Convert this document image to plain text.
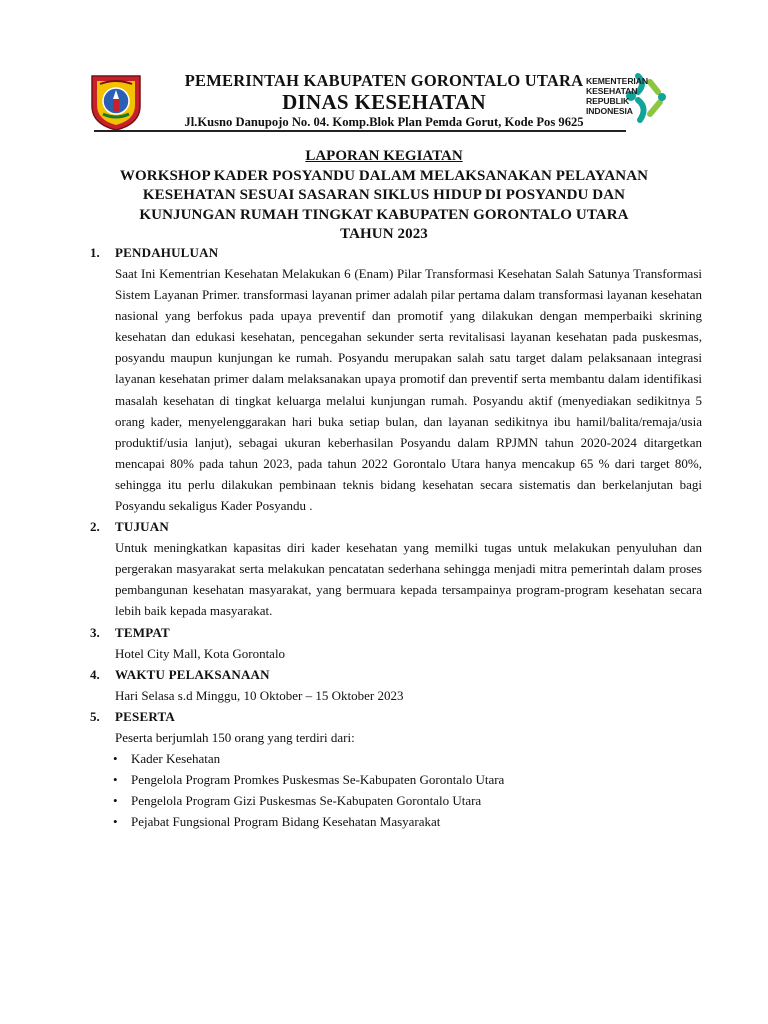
PEMERINTAH KABUPATEN GORONTALO UTARA
DINAS KESEHATAN
Jl.Kusno Danupojo No. 04. Komp.Blok Plan Pemda Gorut, Kode Pos 9625
KEMENTERIAN
KESEHATAN
REPUBLIK
INDONESIA
LAPORAN KEGIATAN
WORKSHOP KADER POSYANDU DALAM MELAKSANAKAN PELAYANAN
KESEHATAN SESUAI SASARAN SIKLUS HIDUP DI POSYANDU DAN
KUNJUNGAN RUMAH TINGKAT KABUPATEN GORONTALO UTARA
TAHUN 2023
1.	PENDAHULUAN
Saat Ini Kementrian Kesehatan Melakukan 6 (Enam) Pilar Transformasi Kesehatan Salah Satunya Transformasi Sistem Layanan Primer. transformasi layanan primer adalah pilar pertama dalam transformasi layanan kesehatan nasional yang berfokus pada upaya preventif dan promotif yang dilakukan dengan memperbaiki skrining kesehatan dan edukasi kesehatan, pencegahan sekunder serta revitalisasi layanan kesehatan pada puskesmas, posyandu maupun kunjungan ke rumah. Posyandu merupakan salah satu target dalam pelaksanaan integrasi layanan kesehatan primer dalam melaksanakan upaya promotif dan preventif serta membantu dalam identifikasi masalah kesehatan di tingkat keluarga melalui kunjungan rumah. Posyandu aktif (menyediakan sedikitnya 5 orang kader, menyelenggarakan hari buka setiap bulan, dan layanan sedikitnya ibu hamil/balita/remaja/usia produktif/usia lanjut), sebagai ukuran keberhasilan Posyandu dalam RPJMN tahun 2020-2024 ditargetkan mencapai 80% pada tahun 2023, pada tahun 2022 Gorontalo Utara hanya mencakup 65 % dari target 80%, sehingga itu perlu dilakukan pembinaan teknis bidang kesehatan secara sistematis dan berkelanjutan bagi Posyandu sekaligus Kader Posyandu .
2.	TUJUAN
Untuk meningkatkan kapasitas diri kader kesehatan yang memilki tugas untuk melakukan penyuluhan dan pergerakan masyarakat serta melakukan pencatatan sederhana sehingga menjadi mitra pemerintah dalam proses pembangunan kesehatan masyarakat, yang bermuara kepada tersampainya program-program kesehatan secara lebih baik kepada masyarakat.
3.	TEMPAT
Hotel City Mall, Kota Gorontalo
4.	WAKTU PELAKSANAAN
Hari Selasa s.d Minggu, 10 Oktober – 15 Oktober 2023
5.	PESERTA
Peserta berjumlah 150 orang yang terdiri dari:
•	Kader Kesehatan
•	Pengelola Program Promkes Puskesmas Se-Kabupaten Gorontalo Utara
•	Pengelola Program Gizi Puskesmas Se-Kabupaten Gorontalo Utara
•	Pejabat Fungsional Program Bidang Kesehatan Masyarakat
